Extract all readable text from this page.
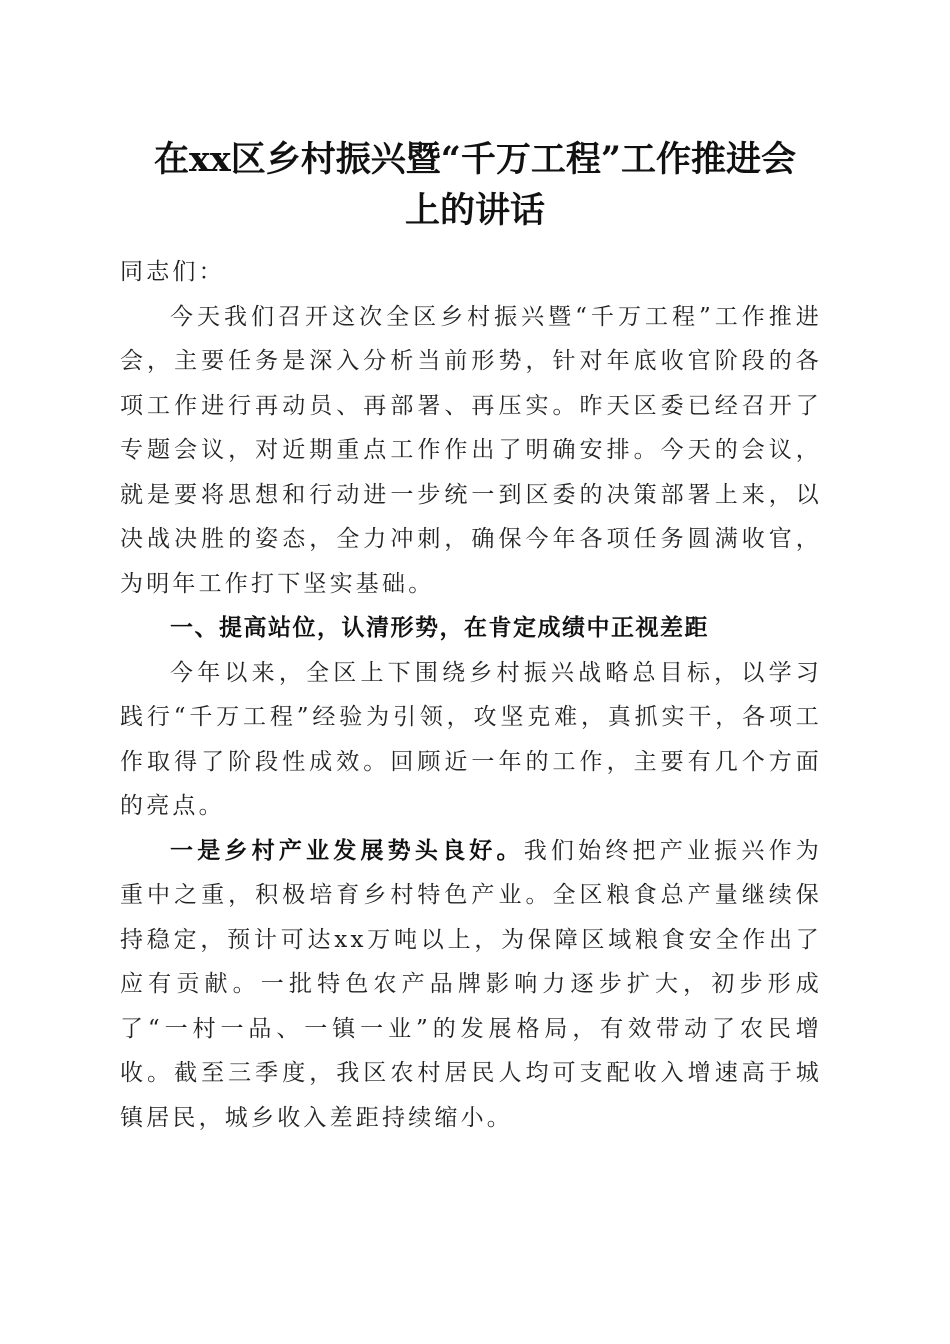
在xx区乡村振兴暨“千万工程”工作推进会
上的讲话

同志们：

今天我们召开这次全区乡村振兴暨“千万工程”工作推进会，主要任务是深入分析当前形势，针对年底收官阶段的各项工作进行再动员、再部署、再压实。昨天区委已经召开了专题会议，对近期重点工作作出了明确安排。今天的会议，就是要将思想和行动进一步统一到区委的决策部署上来，以决战决胜的姿态，全力冲刺，确保今年各项任务圆满收官，为明年工作打下坚实基础。

一、提高站位，认清形势，在肯定成绩中正视差距

今年以来，全区上下围绕乡村振兴战略总目标，以学习践行“千万工程”经验为引领，攻坚克难，真抓实干，各项工作取得了阶段性成效。回顾近一年的工作，主要有几个方面的亮点。

一是乡村产业发展势头良好。我们始终把产业振兴作为重中之重，积极培育乡村特色产业。全区粮食总产量继续保持稳定，预计可达xx万吨以上，为保障区域粮食安全作出了应有贡献。一批特色农产品牌影响力逐步扩大，初步形成了“一村一品、一镇一业”的发展格局，有效带动了农民增收。截至三季度，我区农村居民人均可支配收入增速高于城镇居民，城乡收入差距持续缩小。
